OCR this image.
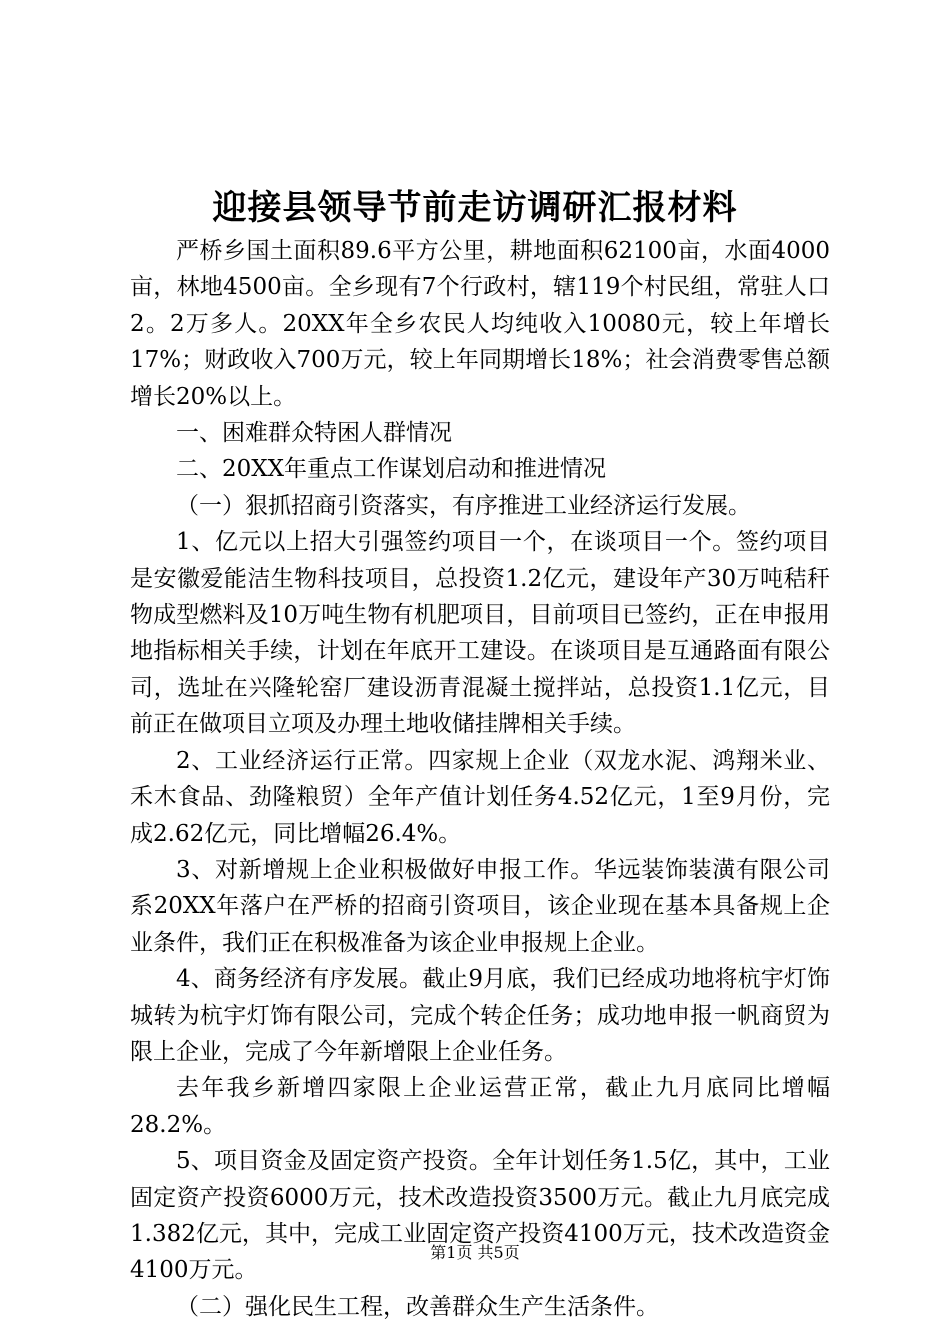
迎接县领导节前走访调研汇报材料

严桥乡国土面积89.6平方公里，耕地面积62100亩，水面4000亩，林地4500亩。全乡现有7个行政村，辖119个村民组，常驻人口2。2万多人。20XX年全乡农民人均纯收入10080元，较上年增长17%；财政收入700万元，较上年同期增长18%；社会消费零售总额增长20%以上。

一、困难群众特困人群情况

二、20XX年重点工作谋划启动和推进情况

（一）狠抓招商引资落实，有序推进工业经济运行发展。

1、亿元以上招大引强签约项目一个，在谈项目一个。签约项目是安徽爱能洁生物科技项目，总投资1.2亿元，建设年产30万吨秸秆物成型燃料及10万吨生物有机肥项目，目前项目已签约，正在申报用地指标相关手续，计划在年底开工建设。在谈项目是互通路面有限公司，选址在兴隆轮窑厂建设沥青混凝土搅拌站，总投资1.1亿元，目前正在做项目立项及办理土地收储挂牌相关手续。

2、工业经济运行正常。四家规上企业（双龙水泥、鸿翔米业、禾木食品、劲隆粮贸）全年产值计划任务4.52亿元，1至9月份，完成2.62亿元，同比增幅26.4%。

3、对新增规上企业积极做好申报工作。华远装饰装潢有限公司系20XX年落户在严桥的招商引资项目，该企业现在基本具备规上企业条件，我们正在积极准备为该企业申报规上企业。

4、商务经济有序发展。截止9月底，我们已经成功地将杭宇灯饰城转为杭宇灯饰有限公司，完成个转企任务；成功地申报一帆商贸为限上企业，完成了今年新增限上企业任务。

去年我乡新增四家限上企业运营正常，截止九月底同比增幅28.2%。

5、项目资金及固定资产投资。全年计划任务1.5亿，其中，工业固定资产投资6000万元，技术改造投资3500万元。截止九月底完成1.382亿元，其中，完成工业固定资产投资4100万元，技术改造资金4100万元。

（二）强化民生工程，改善群众生产生活条件。

第1页 共5页
